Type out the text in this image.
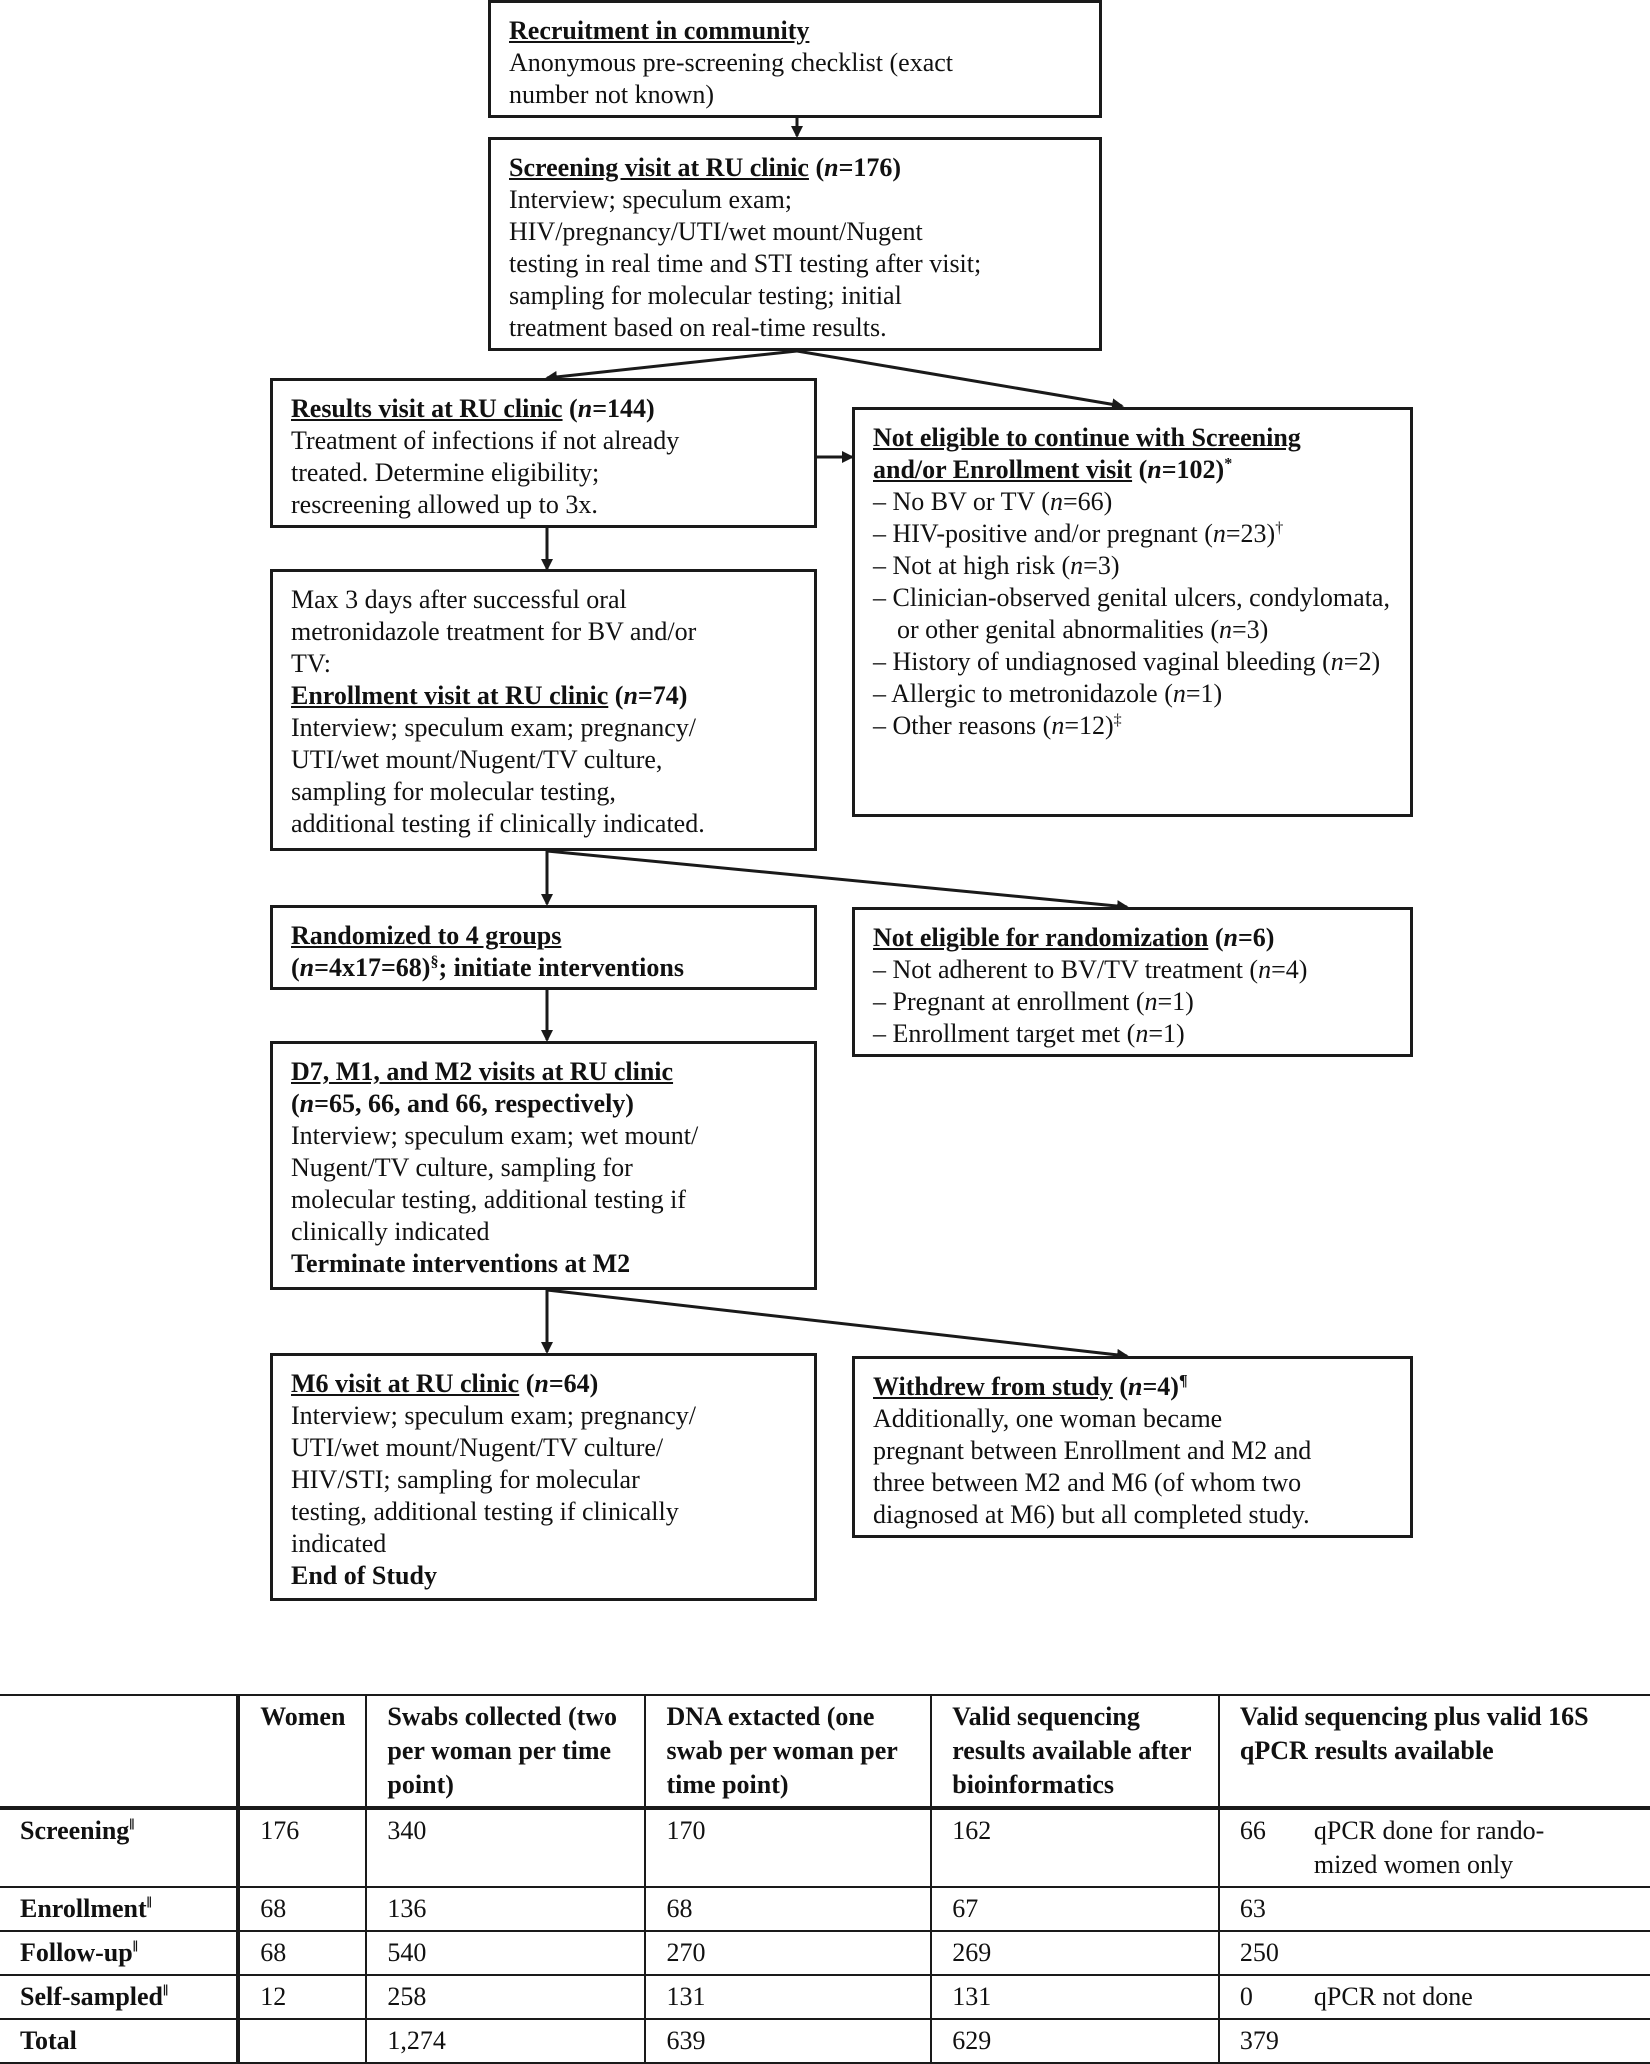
Recruitment in community
Anonymous pre-screening checklist (exact
number not known)
Screening visit at RU clinic (n=176)
Interview; speculum exam;
HIV/pregnancy/UTI/wet mount/Nugent
testing in real time and STI testing after visit;
sampling for molecular testing; initial
treatment based on real-time results.
Results visit at RU clinic (n=144)
Treatment of infections if not already
treated. Determine eligibility;
rescreening allowed up to 3x.
Not eligible to continue with Screening
and/or Enrollment visit (n=102)*
– No BV or TV (n=66)
– HIV-positive and/or pregnant (n=23)†
– Not at high risk (n=3)
– Clinician-observed genital ulcers, condylomata, or other genital abnormalities (n=3)
– History of undiagnosed vaginal bleeding (n=2)
– Allergic to metronidazole (n=1)
– Other reasons (n=12)‡
Max 3 days after successful oral
metronidazole treatment for BV and/or
TV:
Enrollment visit at RU clinic (n=74)
Interview; speculum exam; pregnancy/
UTI/wet mount/Nugent/TV culture,
sampling for molecular testing,
additional testing if clinically indicated.
Randomized to 4 groups
(n=4x17=68)§; initiate interventions
Not eligible for randomization (n=6)
– Not adherent to BV/TV treatment (n=4)
– Pregnant at enrollment (n=1)
– Enrollment target met (n=1)
D7, M1, and M2 visits at RU clinic
(n=65, 66, and 66, respectively)
Interview; speculum exam; wet mount/
Nugent/TV culture, sampling for
molecular testing, additional testing if
clinically indicated
Terminate interventions at M2
M6 visit at RU clinic (n=64)
Interview; speculum exam; pregnancy/
UTI/wet mount/Nugent/TV culture/
HIV/STI; sampling for molecular
testing, additional testing if clinically
indicated
End of Study
Withdrew from study (n=4)¶
Additionally, one woman became
pregnant between Enrollment and M2 and
three between M2 and M6 (of whom two
diagnosed at M6) but all completed study.
	Women	Swabs collected (two per woman per time point)	DNA extacted (one swab per woman per time point)	Valid sequencing results available after bioinformatics	Valid sequencing plus valid 16S qPCR results available
Screening‖	176	340	170	162	66 qPCR done for randomized women only
Enrollment‖	68	136	68	67	63
Follow-up‖	68	540	270	269	250
Self-sampled‖	12	258	131	131	0 qPCR not done
Total		1,274	639	629	379
